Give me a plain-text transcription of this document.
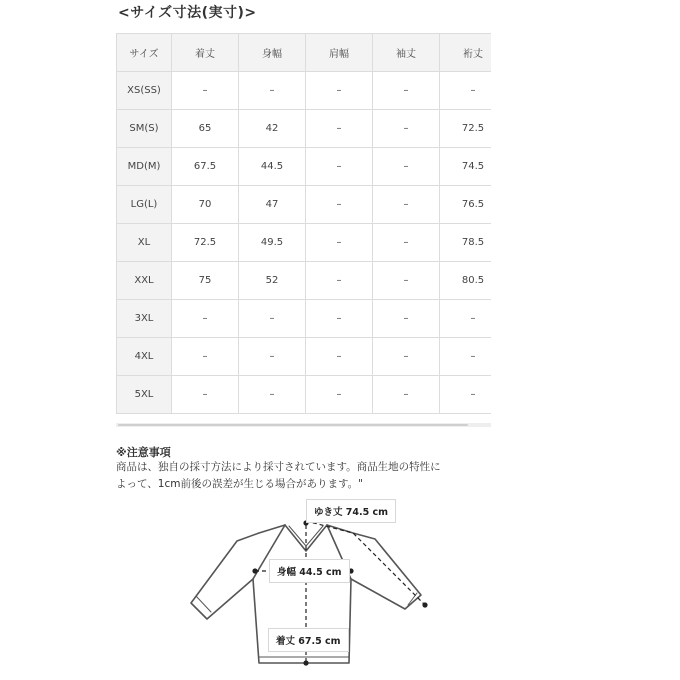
<サイズ寸法(実寸)>
サイズ	着丈	身幅	肩幅	袖丈	裄丈
XS(SS)	–	–	–	–	–
SM(S)	65	42	–	–	72.5
MD(M)	67.5	44.5	–	–	74.5
LG(L)	70	47	–	–	76.5
XL	72.5	49.5	–	–	78.5
XXL	75	52	–	–	80.5
3XL	–	–	–	–	–
4XL	–	–	–	–	–
5XL	–	–	–	–	–
※注意事項
商品は、独自の採寸方法により採寸されています。商品生地の特性に
よって、1cm前後の誤差が生じる場合があります。"
ゆき丈 74.5 cm
身幅 44.5 cm
着丈 67.5 cm
